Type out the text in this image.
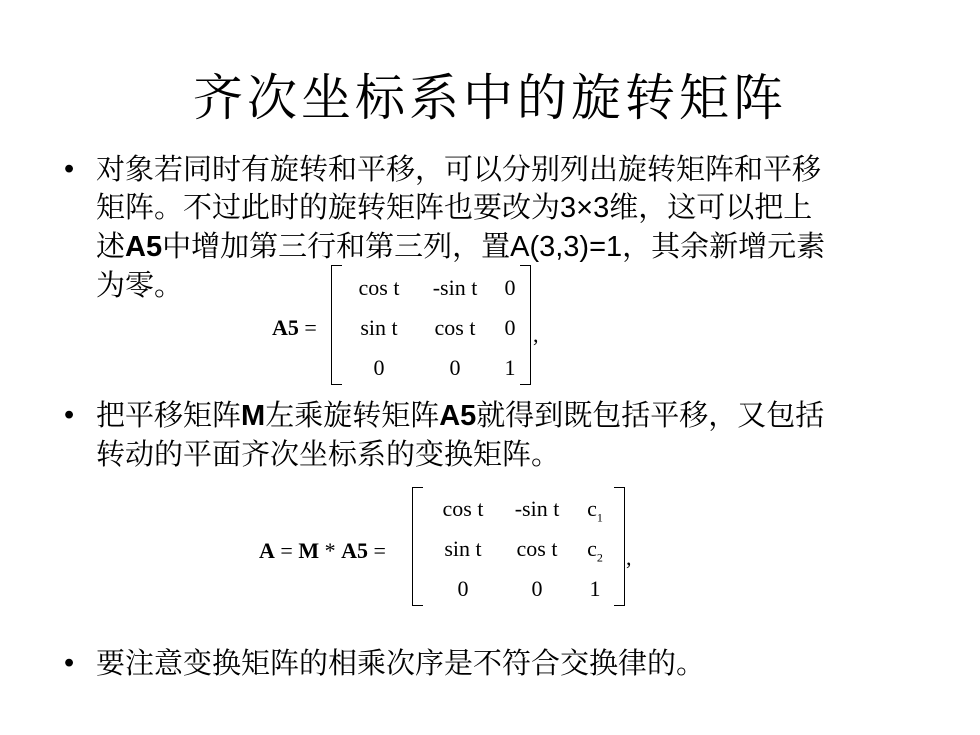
齐次坐标系中的旋转矩阵
• 对象若同时有旋转和平移，可以分别列出旋转矩阵和平移
矩阵。不过此时的旋转矩阵也要改为3×3维，这可以把上
述A5中增加第三行和第三列，置A(3,3)=1，其余新增元素
为零。
A5 =
cos t	-sin t	0
sin t	cos t	0
0	0	1
,
• 把平移矩阵M左乘旋转矩阵A5就得到既包括平移，又包括
转动的平面齐次坐标系的变换矩阵。
A = M * A5 =
cos t	-sin t	$c_1$
sin t	cos t	$c_2$
0	0	1
,
• 要注意变换矩阵的相乘次序是不符合交换律的。
